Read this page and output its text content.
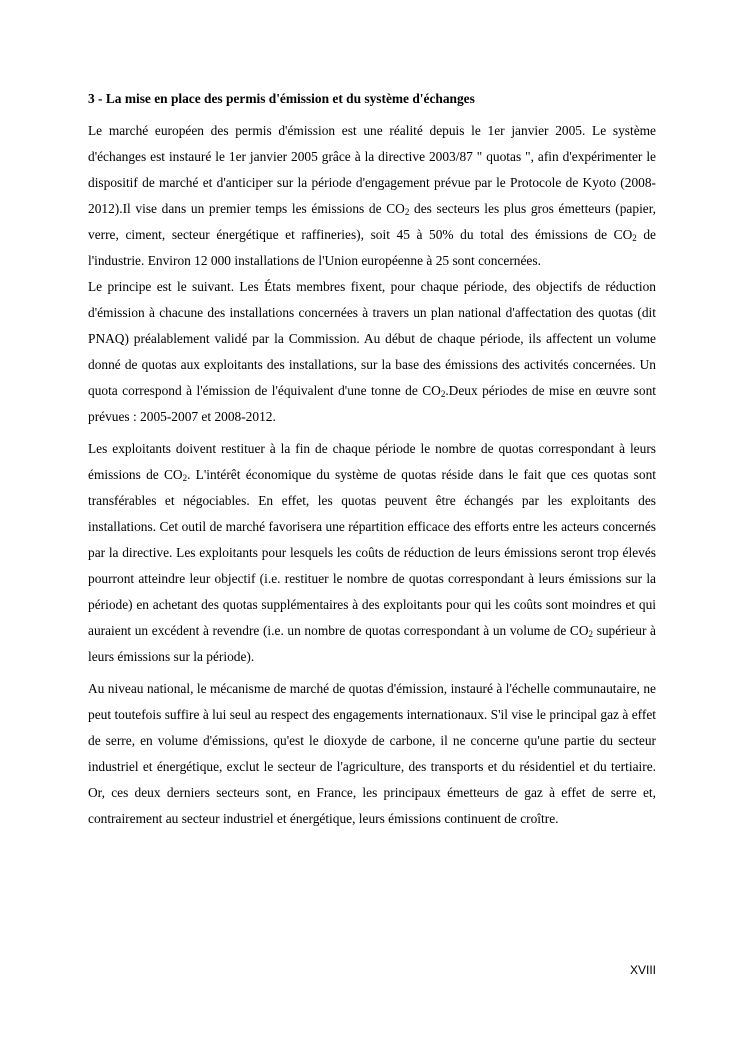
3 - La mise en place des permis d'émission et du système d'échanges

Le marché européen des permis d'émission est une réalité depuis le 1er janvier 2005. Le système d'échanges est instauré le 1er janvier 2005 grâce à la directive 2003/87 " quotas ", afin d'expérimenter le dispositif de marché et d'anticiper sur la période d'engagement prévue par le Protocole de Kyoto (2008-2012).Il vise dans un premier temps les émissions de $CO_2$ des secteurs les plus gros émetteurs (papier, verre, ciment, secteur énergétique et raffineries), soit 45 à 50% du total des émissions de $CO_2$ de l'industrie. Environ 12 000 installations de l'Union européenne à 25 sont concernées.

Le principe est le suivant. Les États membres fixent, pour chaque période, des objectifs de réduction d'émission à chacune des installations concernées à travers un plan national d'affectation des quotas (dit PNAQ) préalablement validé par la Commission. Au début de chaque période, ils affectent un volume donné de quotas aux exploitants des installations, sur la base des émissions des activités concernées. Un quota correspond à l'émission de l'équivalent d'une tonne de $CO_2.Deux$ périodes de mise en œuvre sont prévues : 2005-2007 et 2008-2012.

Les exploitants doivent restituer à la fin de chaque période le nombre de quotas correspondant à leurs émissions de $CO_2$. L'intérêt économique du système de quotas réside dans le fait que ces quotas sont transférables et négociables. En effet, les quotas peuvent être échangés par les exploitants des installations. Cet outil de marché favorisera une répartition efficace des efforts entre les acteurs concernés par la directive. Les exploitants pour lesquels les coûts de réduction de leurs émissions seront trop élevés pourront atteindre leur objectif (i.e. restituer le nombre de quotas correspondant à leurs émissions sur la période) en achetant des quotas supplémentaires à des exploitants pour qui les coûts sont moindres et qui auraient un excédent à revendre (i.e. un nombre de quotas correspondant à un volume de $CO_2$ supérieur à leurs émissions sur la période).

Au niveau national, le mécanisme de marché de quotas d'émission, instauré à l'échelle communautaire, ne peut toutefois suffire à lui seul au respect des engagements internationaux. S'il vise le principal gaz à effet de serre, en volume d'émissions, qu'est le dioxyde de carbone, il ne concerne qu'une partie du secteur industriel et énergétique, exclut le secteur de l'agriculture, des transports et du résidentiel et du tertiaire. Or, ces deux derniers secteurs sont, en France, les principaux émetteurs de gaz à effet de serre et, contrairement au secteur industriel et énergétique, leurs émissions continuent de croître.

XVIII
